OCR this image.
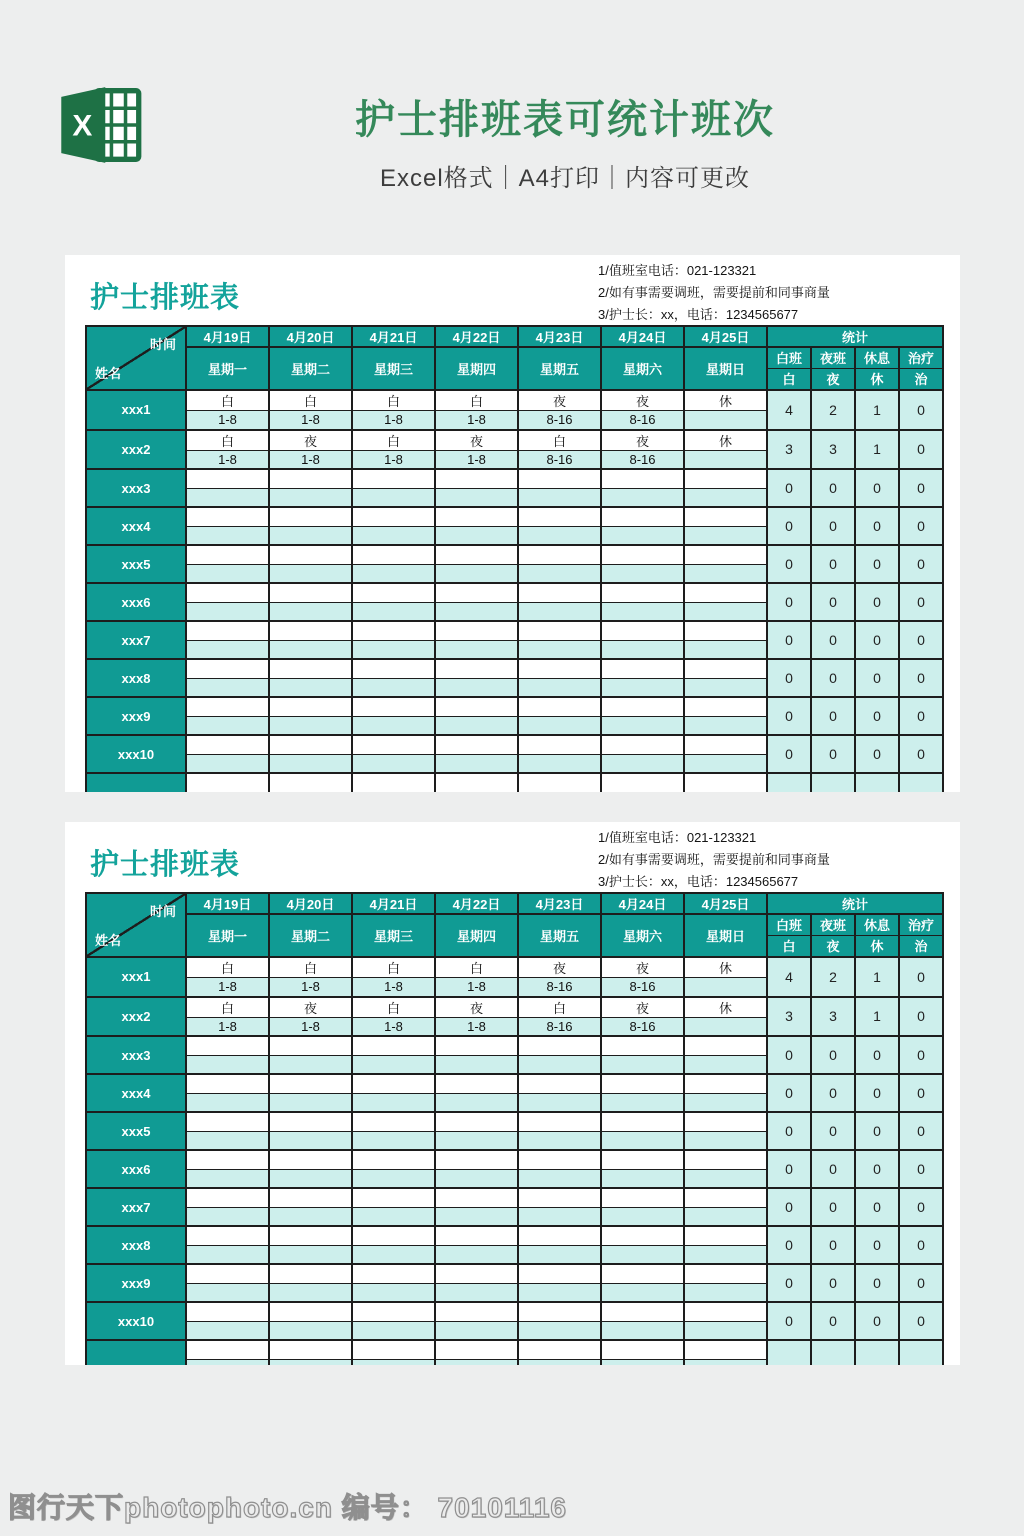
X	护士排班表可统计班次
Excel格式｜A4打印｜内容可更改
护士排班表
1/值班室电话：021-123321
2/如有事需要调班，需要提前和同事商量
3/护士长：xx，电话：1234565677
时间
姓名	4月19日	4月20日	4月21日	4月22日	4月23日	4月24日	4月25日	统计			
	星期一	星期二	星期三	星期四	星期五	星期六	星期日	白班	夜班	休息	治疗
								白	夜	休	治
xxx1	白	白	白	白	夜	夜	休	4	2	1	0
	1-8	1-8	1-8	1-8	8-16	8-16					
xxx2	白	夜	白	夜	白	夜	休	3	3	1	0
	1-8	1-8	1-8	1-8	8-16	8-16					
xxx3								0	0	0	0

xxx4								0	0	0	0

xxx5								0	0	0	0

xxx6								0	0	0	0

xxx7								0	0	0	0

xxx8								0	0	0	0

xxx9								0	0	0	0

xxx10								0	0	0	0

护士排班表
1/值班室电话：021-123321
2/如有事需要调班，需要提前和同事商量
3/护士长：xx，电话：1234565677
时间
姓名	4月19日	4月20日	4月21日	4月22日	4月23日	4月24日	4月25日	统计			
	星期一	星期二	星期三	星期四	星期五	星期六	星期日	白班	夜班	休息	治疗
								白	夜	休	治
xxx1	白	白	白	白	夜	夜	休	4	2	1	0
	1-8	1-8	1-8	1-8	8-16	8-16					
xxx2	白	夜	白	夜	白	夜	休	3	3	1	0
	1-8	1-8	1-8	1-8	8-16	8-16					
xxx3								0	0	0	0

xxx4								0	0	0	0

xxx5								0	0	0	0

xxx6								0	0	0	0

xxx7								0	0	0	0

xxx8								0	0	0	0

xxx9								0	0	0	0

xxx10								0	0	0	0

图行天下photophoto.cn 编号： 70101116
